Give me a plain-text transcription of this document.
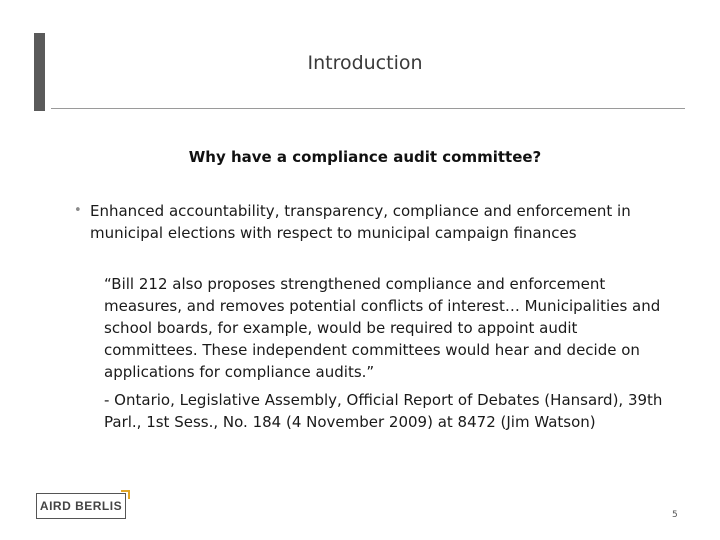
Introduction
Why have a compliance audit committee?
• Enhanced accountability, transparency, compliance and enforcement in municipal elections with respect to municipal campaign finances

“Bill 212 also proposes strengthened compliance and enforcement measures, and removes potential conflicts of interest… Municipalities and school boards, for example, would be required to appoint audit committees. These independent committees would hear and decide on applications for compliance audits.”

- Ontario, Legislative Assembly, Official Report of Debates (Hansard), 39th Parl., 1st Sess., No. 184 (4 November 2009) at 8472 (Jim Watson)

AIRD BERLIS
5
